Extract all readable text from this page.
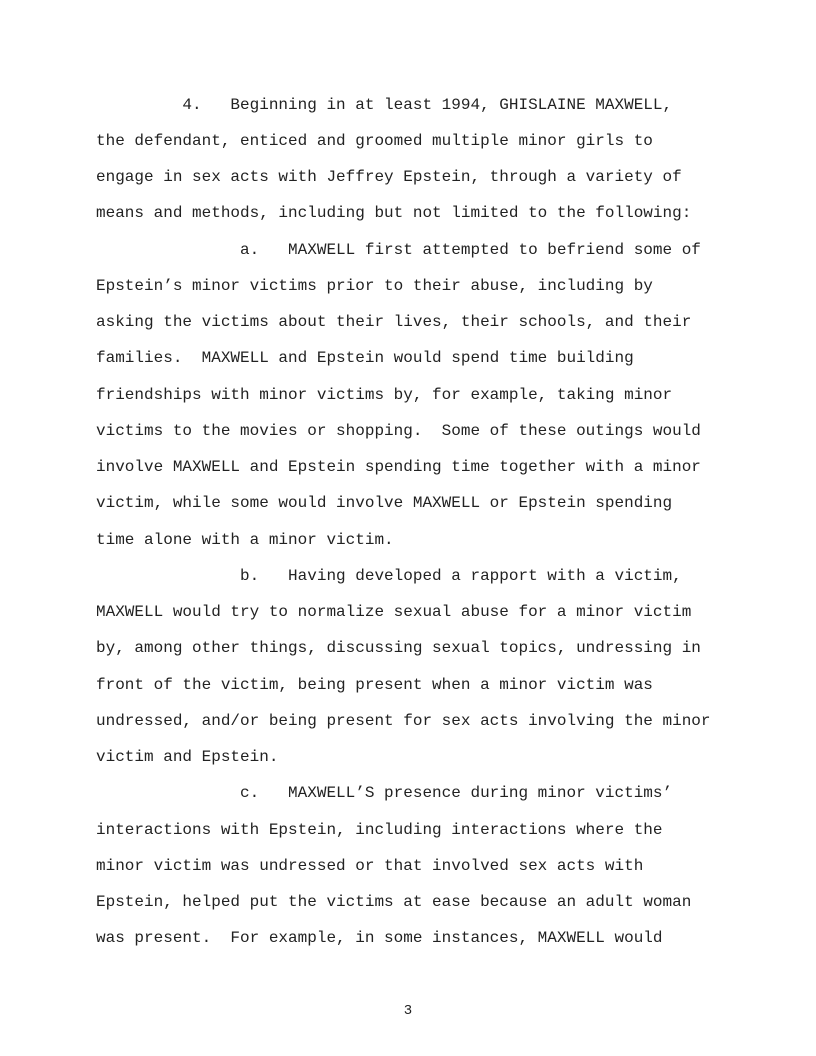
4.   Beginning in at least 1994, GHISLAINE MAXWELL,
the defendant, enticed and groomed multiple minor girls to
engage in sex acts with Jeffrey Epstein, through a variety of
means and methods, including but not limited to the following:
a.   MAXWELL first attempted to befriend some of
Epstein’s minor victims prior to their abuse, including by
asking the victims about their lives, their schools, and their
families.  MAXWELL and Epstein would spend time building
friendships with minor victims by, for example, taking minor
victims to the movies or shopping.  Some of these outings would
involve MAXWELL and Epstein spending time together with a minor
victim, while some would involve MAXWELL or Epstein spending
time alone with a minor victim.
b.   Having developed a rapport with a victim,
MAXWELL would try to normalize sexual abuse for a minor victim
by, among other things, discussing sexual topics, undressing in
front of the victim, being present when a minor victim was
undressed, and/or being present for sex acts involving the minor
victim and Epstein.
c.   MAXWELL’S presence during minor victims’
interactions with Epstein, including interactions where the
minor victim was undressed or that involved sex acts with
Epstein, helped put the victims at ease because an adult woman
was present.  For example, in some instances, MAXWELL would
3
